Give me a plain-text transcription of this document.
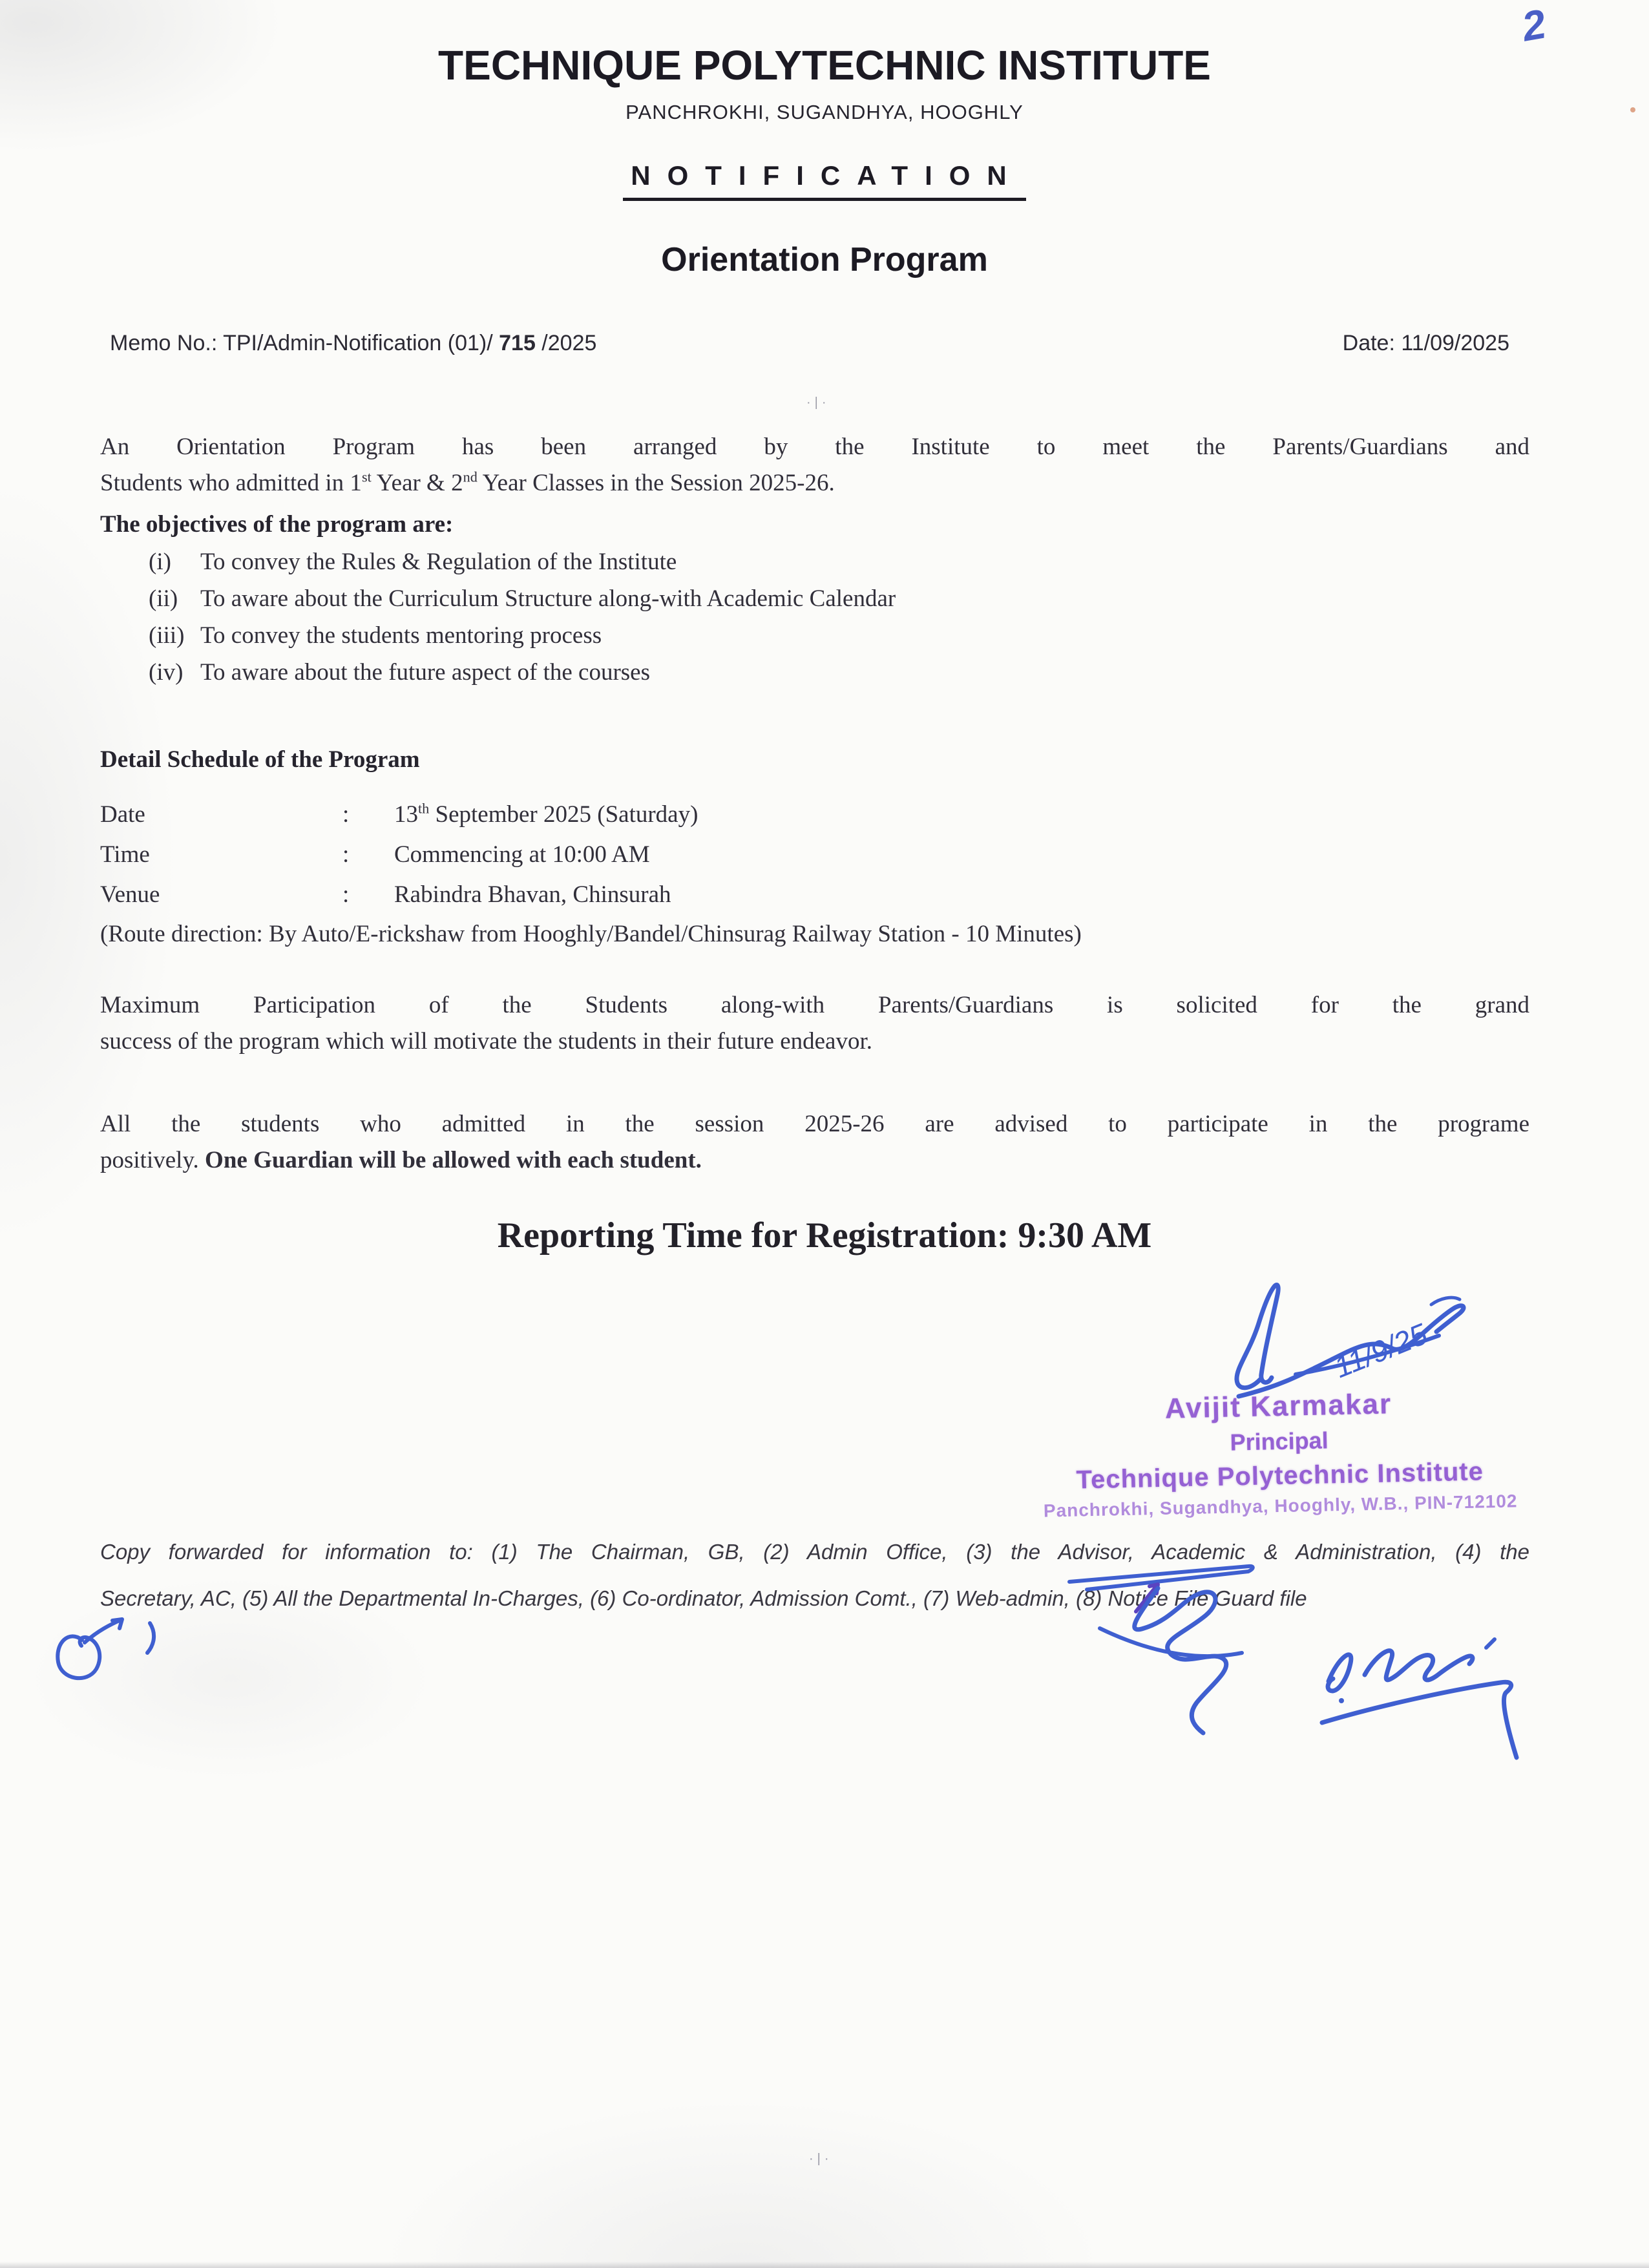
2
TECHNIQUE POLYTECHNIC INSTITUTE
PANCHROKHI, SUGANDHYA, HOOGHLY
NOTIFICATION
Orientation Program
Memo No.: TPI/Admin-Notification (01)/ 715 /2025	Date: 11/09/2025
·|·
An Orientation Program has been arranged by the Institute to meet the Parents/Guardians and
Students who admitted in 1st Year & 2nd Year Classes in the Session 2025-26.
The objectives of the program are:
(i)	To convey the Rules & Regulation of the Institute
(ii) To aware about the Curriculum Structure along-with Academic Calendar
(iii) To convey the students mentoring process
(iv) To aware about the future aspect of the courses
Detail Schedule of the Program
Date	:	13th September 2025 (Saturday)
Time	:	Commencing at 10:00 AM
Venue	:	Rabindra Bhavan, Chinsurah
(Route direction: By Auto/E-rickshaw from Hooghly/Bandel/Chinsurag Railway Station - 10 Minutes)
Maximum Participation of the Students along-with Parents/Guardians is solicited for the grand
success of the program which will motivate the students in their future endeavor.
All the students who admitted in the session 2025-26 are advised to participate in the programe
positively. One Guardian will be allowed with each student.
Reporting Time for Registration: 9:30 AM
11/9/25
Avijit Karmakar
Principal
Technique Polytechnic Institute
Panchrokhi, Sugandhya, Hooghly, W.B., PIN-712102
Copy forwarded for information to: (1) The Chairman, GB, (2) Admin Office, (3) the Advisor, Academic & Administration, (4) the
Secretary, AC, (5) All the Departmental In-Charges, (6) Co-ordinator, Admission Comt., (7) Web-admin, (8) Notice File Guard file
·|·
